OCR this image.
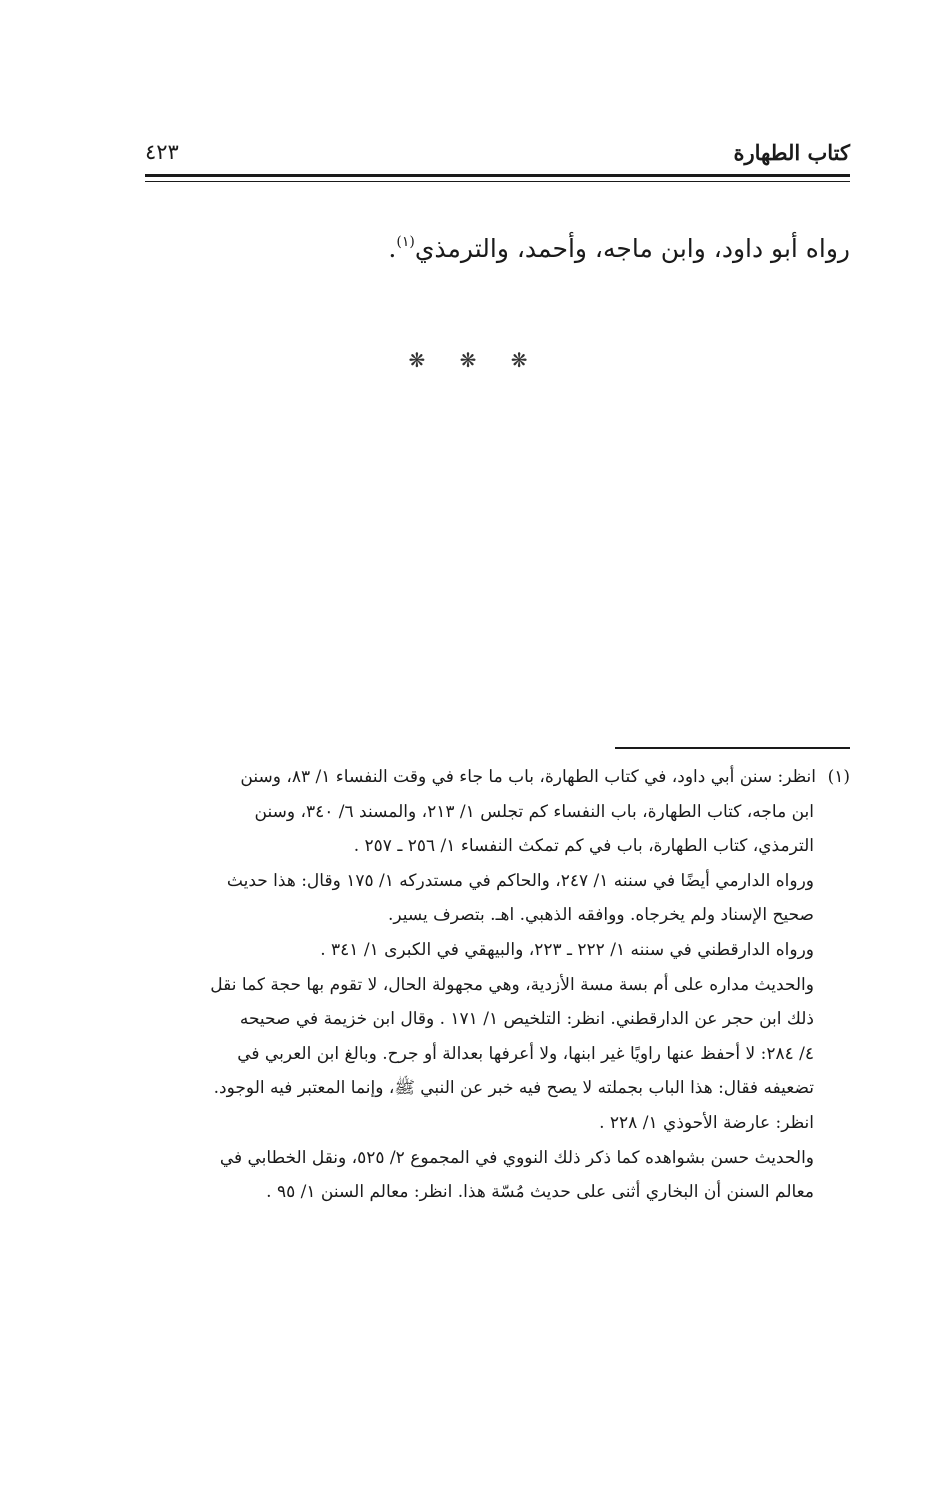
كتاب الطهارة
٤٢٣
رواه أبو داود، وابن ماجه، وأحمد، والترمذي$^{(١)}$.
❋ ❋ ❋
(١)انظر: سنن أبي داود، في كتاب الطهارة، باب ما جاء في وقت النفساء ١/ ٨٣، وسنن
ابن ماجه، كتاب الطهارة، باب النفساء كم تجلس ١/ ٢١٣، والمسند ٦/ ٣٤٠، وسنن
الترمذي، كتاب الطهارة، باب في كم تمكث النفساء ١/ ٢٥٦ ـ ٢٥٧ .
ورواه الدارمي أيضًا في سننه ١/ ٢٤٧، والحاكم في مستدركه ١/ ١٧٥ وقال: هذا حديث
صحيح الإسناد ولم يخرجاه. ووافقه الذهبي. اهـ. بتصرف يسير.
ورواه الدارقطني في سننه ١/ ٢٢٢ ـ ٢٢٣، والبيهقي في الكبرى ١/ ٣٤١ .
والحديث مداره على أم بسة مسة الأزدية، وهي مجهولة الحال، لا تقوم بها حجة كما نقل
ذلك ابن حجر عن الدارقطني. انظر: التلخيص ١/ ١٧١ . وقال ابن خزيمة في صحيحه
٤/ ٢٨٤: لا أحفظ عنها راويًا غير ابنها، ولا أعرفها بعدالة أو جرح. وبالغ ابن العربي في
تضعيفه فقال: هذا الباب بجملته لا يصح فيه خبر عن النبي ﷺ، وإنما المعتبر فيه الوجود.
انظر: عارضة الأحوذي ١/ ٢٢٨ .
والحديث حسن بشواهده كما ذكر ذلك النووي في المجموع ٢/ ٥٢٥، ونقل الخطابي في
معالم السنن أن البخاري أثنى على حديث مُسّة هذا. انظر: معالم السنن ١/ ٩٥ .
